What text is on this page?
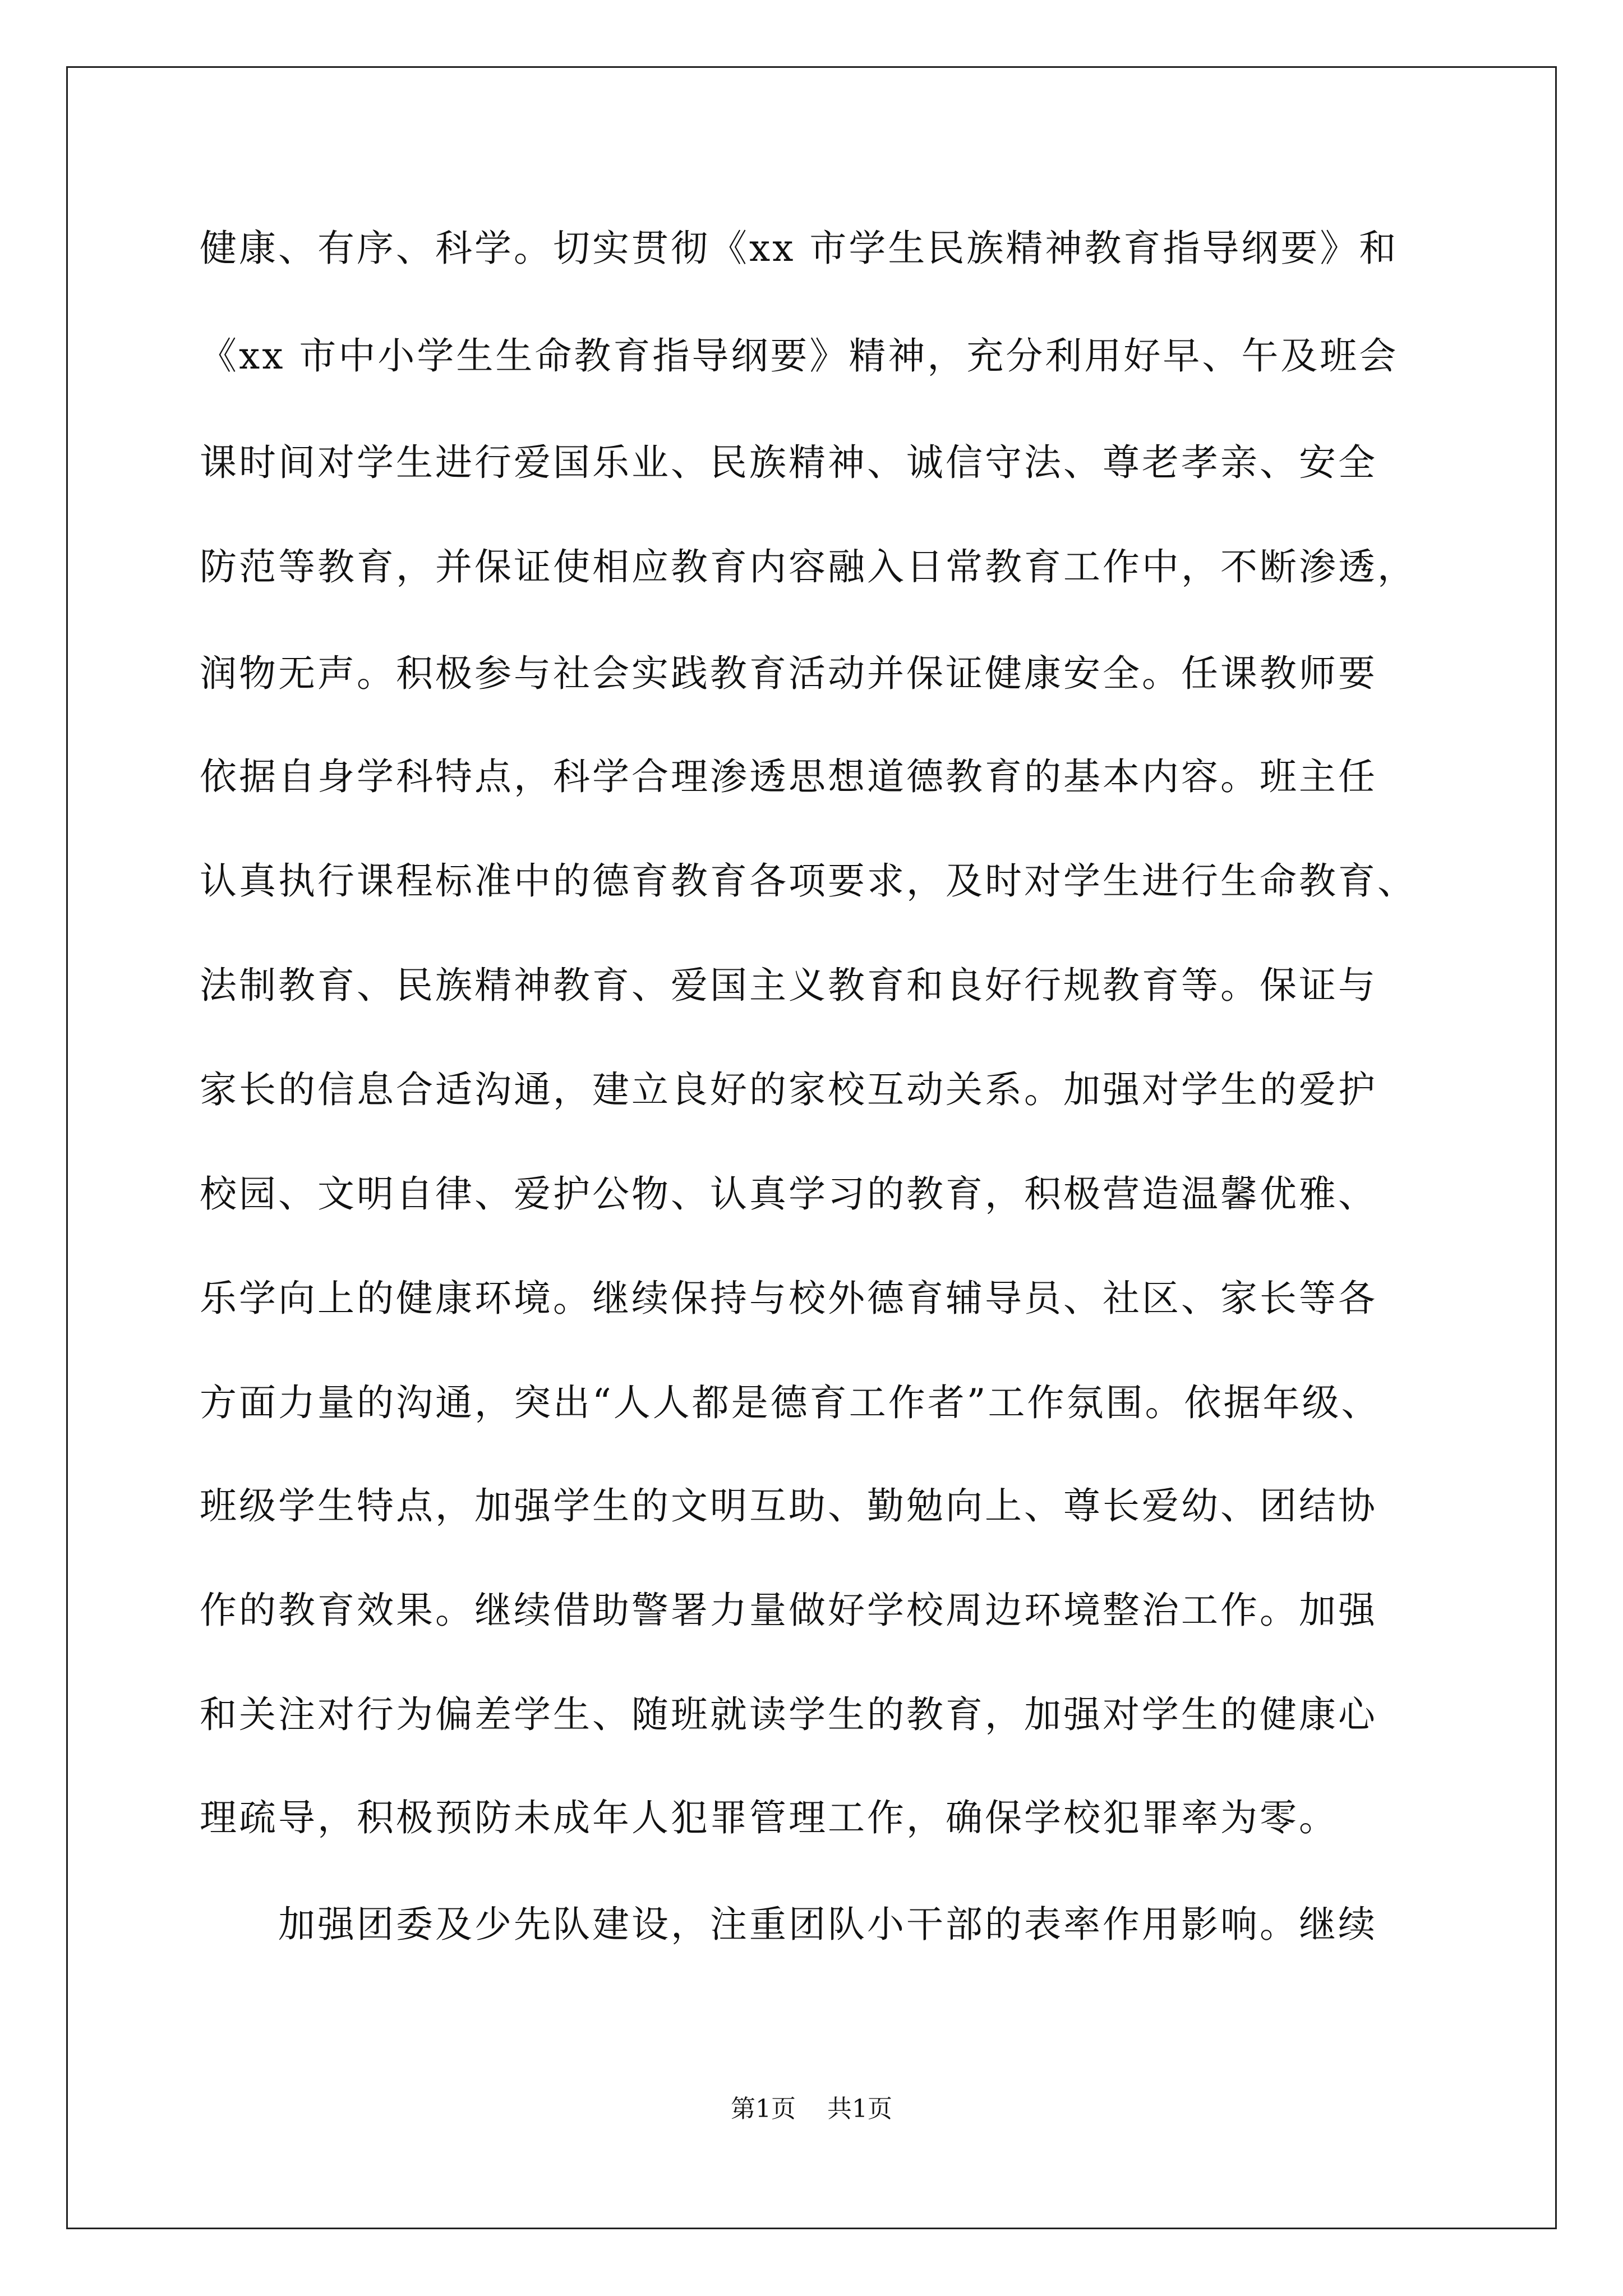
健康、有序、科学。切实贯彻《xx 市学生民族精神教育指导纲要》和
《xx 市中小学生生命教育指导纲要》精神，充分利用好早、午及班会
课时间对学生进行爱国乐业、民族精神、诚信守法、尊老孝亲、安全
防范等教育，并保证使相应教育内容融入日常教育工作中，不断渗透，
润物无声。积极参与社会实践教育活动并保证健康安全。任课教师要
依据自身学科特点，科学合理渗透思想道德教育的基本内容。班主任
认真执行课程标准中的德育教育各项要求，及时对学生进行生命教育、
法制教育、民族精神教育、爱国主义教育和良好行规教育等。保证与
家长的信息合适沟通，建立良好的家校互动关系。加强对学生的爱护
校园、文明自律、爱护公物、认真学习的教育，积极营造温馨优雅、
乐学向上的健康环境。继续保持与校外德育辅导员、社区、家长等各
方面力量的沟通，突出“人人都是德育工作者”工作氛围。依据年级、
班级学生特点，加强学生的文明互助、勤勉向上、尊长爱幼、团结协
作的教育效果。继续借助警署力量做好学校周边环境整治工作。加强
和关注对行为偏差学生、随班就读学生的教育，加强对学生的健康心
理疏导，积极预防未成年人犯罪管理工作，确保学校犯罪率为零。
加强团委及少先队建设，注重团队小干部的表率作用影响。继续
第1页    共1页
